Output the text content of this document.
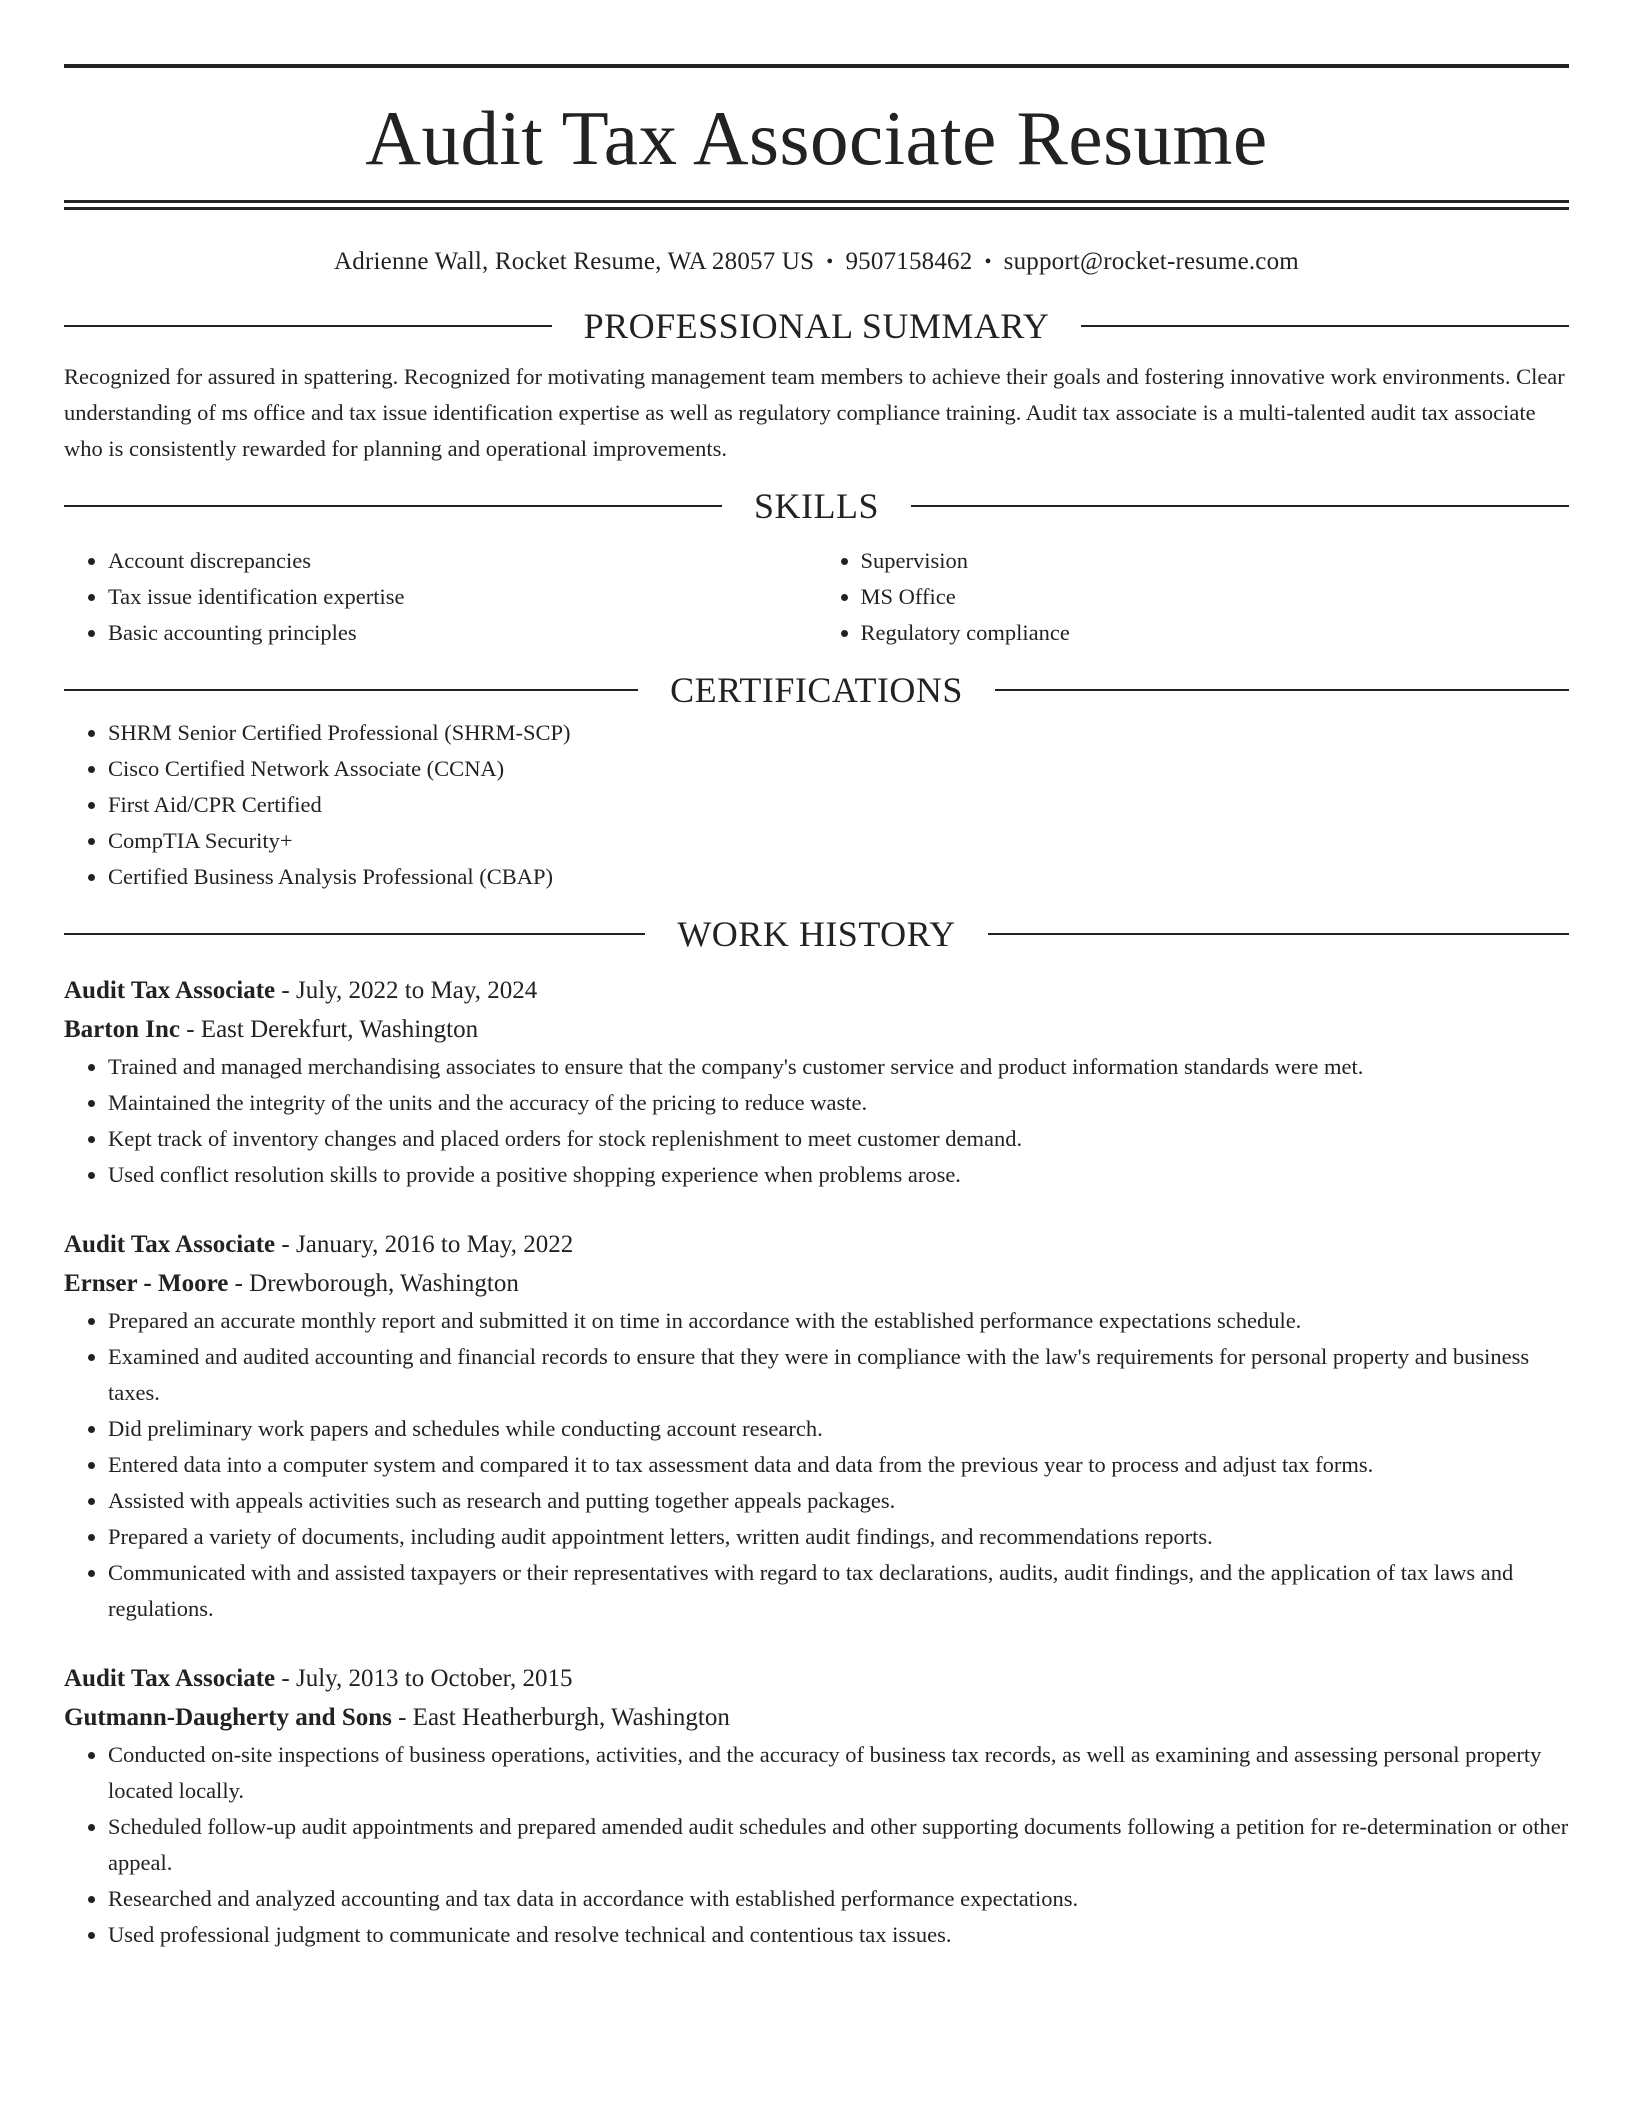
Audit Tax Associate Resume
Adrienne Wall, Rocket Resume, WA 28057 US • 9507158462 • support@rocket-resume.com
PROFESSIONAL SUMMARY

Recognized for assured in spattering. Recognized for motivating management team members to achieve their goals and fostering innovative work environments. Clear understanding of ms office and tax issue identification expertise as well as regulatory compliance training. Audit tax associate is a multi-talented audit tax associate who is consistently rewarded for planning and operational improvements.

SKILLS
• Account discrepancies
• Tax issue identification expertise
• Basic accounting principles
• Supervision
• MS Office
• Regulatory compliance
CERTIFICATIONS
• SHRM Senior Certified Professional (SHRM-SCP)
• Cisco Certified Network Associate (CCNA)
• First Aid/CPR Certified
• CompTIA Security+
• Certified Business Analysis Professional (CBAP)
WORK HISTORY
Audit Tax Associate - July, 2022 to May, 2024
Barton Inc - East Derekfurt, Washington
• Trained and managed merchandising associates to ensure that the company's customer service and product information standards were met.
• Maintained the integrity of the units and the accuracy of the pricing to reduce waste.
• Kept track of inventory changes and placed orders for stock replenishment to meet customer demand.
• Used conflict resolution skills to provide a positive shopping experience when problems arose.
Audit Tax Associate - January, 2016 to May, 2022
Ernser - Moore - Drewborough, Washington
• Prepared an accurate monthly report and submitted it on time in accordance with the established performance expectations schedule.
• Examined and audited accounting and financial records to ensure that they were in compliance with the law's requirements for personal property and business taxes.
• Did preliminary work papers and schedules while conducting account research.
• Entered data into a computer system and compared it to tax assessment data and data from the previous year to process and adjust tax forms.
• Assisted with appeals activities such as research and putting together appeals packages.
• Prepared a variety of documents, including audit appointment letters, written audit findings, and recommendations reports.
• Communicated with and assisted taxpayers or their representatives with regard to tax declarations, audits, audit findings, and the application of tax laws and regulations.
Audit Tax Associate - July, 2013 to October, 2015
Gutmann-Daugherty and Sons - East Heatherburgh, Washington
• Conducted on-site inspections of business operations, activities, and the accuracy of business tax records, as well as examining and assessing personal property located locally.
• Scheduled follow-up audit appointments and prepared amended audit schedules and other supporting documents following a petition for re-determination or other appeal.
• Researched and analyzed accounting and tax data in accordance with established performance expectations.
• Used professional judgment to communicate and resolve technical and contentious tax issues.
